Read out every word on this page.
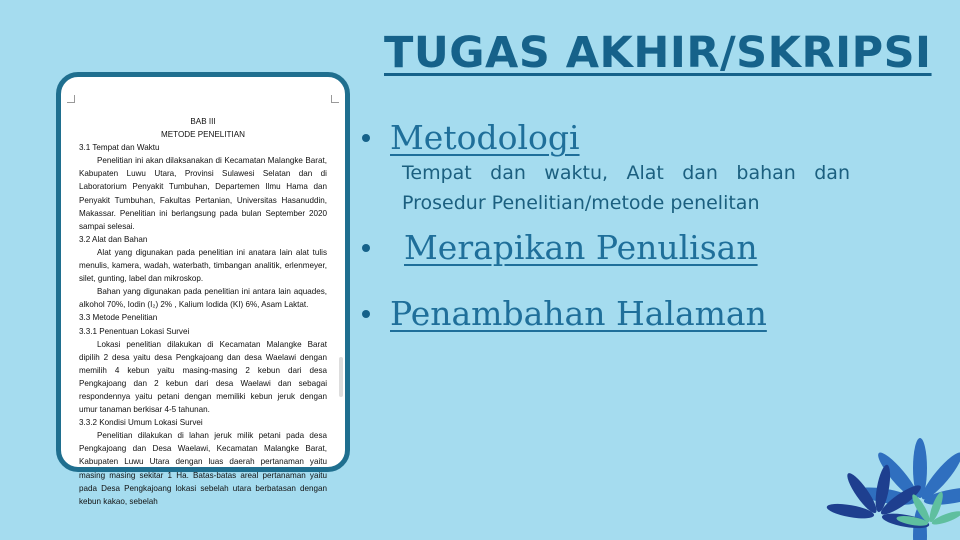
TUGAS AKHIR/SKRIPSI
BAB III
METODE PENELITIAN
3.1 Tempat dan Waktu
Penelitian ini akan dilaksanakan di Kecamatan Malangke Barat, Kabupaten Luwu Utara, Provinsi Sulawesi Selatan dan di Laboratorium Penyakit Tumbuhan, Departemen Ilmu Hama dan Penyakit Tumbuhan, Fakultas Pertanian, Universitas Hasanuddin, Makassar. Penelitian ini berlangsung pada bulan September 2020 sampai selesai.
3.2 Alat dan Bahan
Alat yang digunakan pada penelitian ini anatara lain alat tulis menulis, kamera, wadah, waterbath, timbangan analitik, erlenmeyer, silet, gunting, label dan mikroskop.
Bahan yang digunakan pada penelitian ini antara lain aquades, alkohol 70%, Iodin (I₂) 2% , Kalium Iodida (KI) 6%, Asam Laktat.
3.3 Metode Penelitian
3.3.1 Penentuan Lokasi Survei
Lokasi penelitian dilakukan di Kecamatan Malangke Barat dipilih 2 desa yaitu desa Pengkajoang dan desa Waelawi dengan memilih 4 kebun yaitu masing-masing 2 kebun dari desa Pengkajoang dan 2 kebun dari desa Waelawi dan sebagai respondennya yaitu petani dengan memiliki kebun jeruk dengan umur tanaman berkisar 4-5 tahunan.
3.3.2 Kondisi Umum Lokasi Survei
Penelitian dilakukan di lahan jeruk milik petani pada desa Pengkajoang dan Desa Waelawi, Kecamatan Malangke Barat, Kabupaten Luwu Utara dengan luas daerah pertanaman yaitu masing masing sekitar 1 Ha. Batas-batas areal pertanaman yaitu pada Desa Pengkajoang lokasi sebelah utara berbatasan dengan kebun kakao, sebelah
Metodologi
Tempat dan waktu, Alat dan bahan dan Prosedur Penelitian/metode penelitan
Merapikan Penulisan
Penambahan Halaman
